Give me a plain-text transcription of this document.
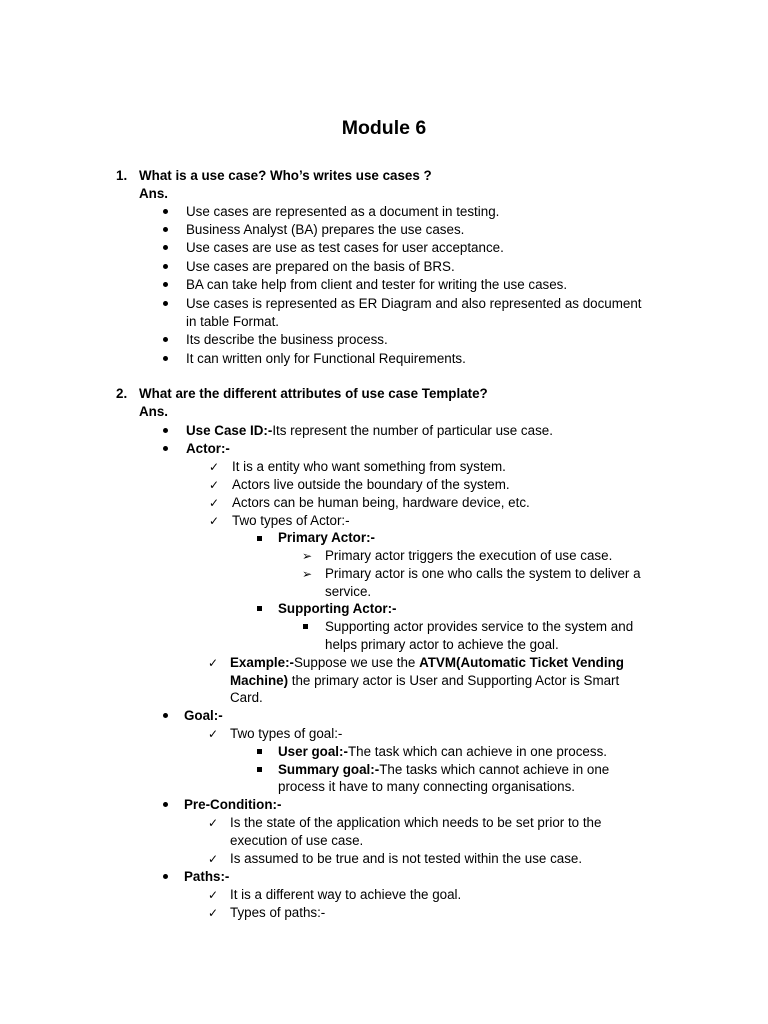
Module 6
1. What is a use case? Who’s writes use cases ?
Ans.
Use cases are represented as a document in testing.
Business Analyst (BA) prepares the use cases.
Use cases are use as test cases for user acceptance.
Use cases are prepared on the basis of BRS.
BA can take help from client and tester for writing the use cases.
Use cases is represented as ER Diagram and also represented as document
in table Format.
Its describe the business process.
It can written only for Functional Requirements.
2. What are the different attributes of use case Template?
Ans.
Use Case ID:-Its represent the number of particular use case.
Actor:-
✓ It is a entity who want something from system.
✓ Actors live outside the boundary of the system.
✓ Actors can be human being, hardware device, etc.
✓ Two types of Actor:-
Primary Actor:-
➢ Primary actor triggers the execution of use case.
➢ Primary actor is one who calls the system to deliver a
service.
Supporting Actor:-
Supporting actor provides service to the system and
helps primary actor to achieve the goal.
✓ Example:-Suppose we use the ATVM(Automatic Ticket Vending
Machine) the primary actor is User and Supporting Actor is Smart
Card.
Goal:-
✓ Two types of goal:-
User goal:-The task which can achieve in one process.
Summary goal:-The tasks which cannot achieve in one
process it have to many connecting organisations.
Pre-Condition:-
✓ Is the state of the application which needs to be set prior to the
execution of use case.
✓ Is assumed to be true and is not tested within the use case.
Paths:-
✓ It is a different way to achieve the goal.
✓ Types of paths:-
